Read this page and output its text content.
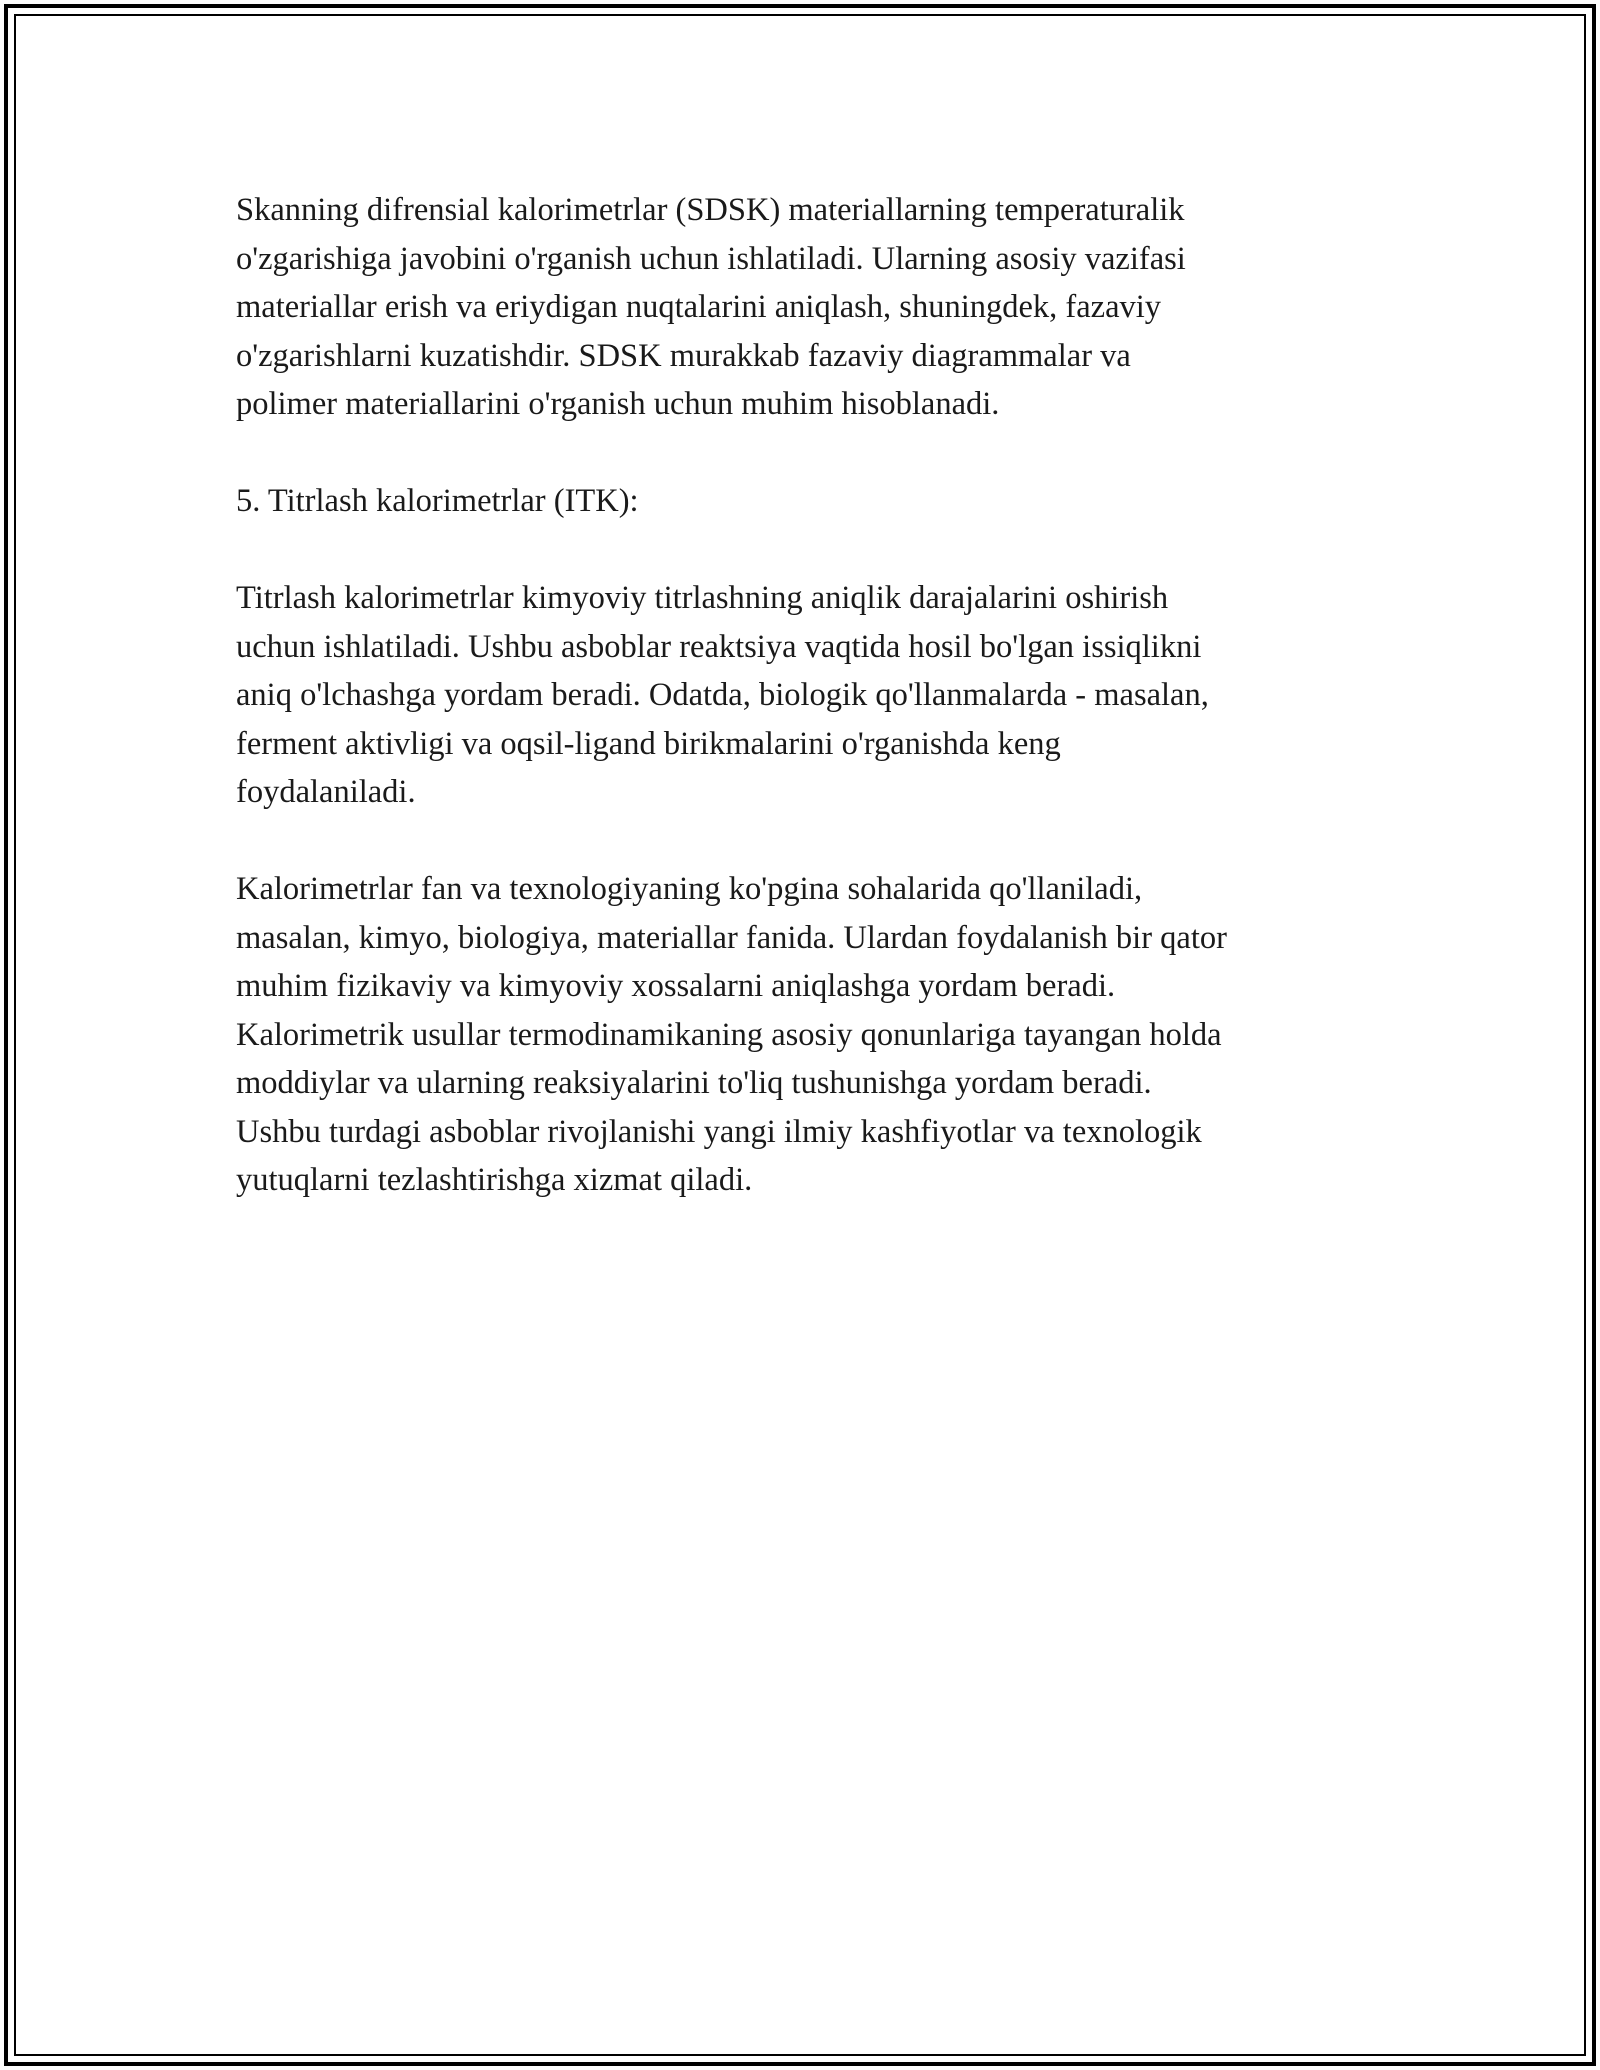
Skanning difrensial kalorimetrlar (SDSK) materiallarning temperaturalik
o'zgarishiga javobini o'rganish uchun ishlatiladi. Ularning asosiy vazifasi
materiallar erish va eriydigan nuqtalarini aniqlash, shuningdek, fazaviy
o'zgarishlarni kuzatishdir. SDSK murakkab fazaviy diagrammalar va
polimer materiallarini o'rganish uchun muhim hisoblanadi.

5. Titrlash kalorimetrlar (ITK):

Titrlash kalorimetrlar kimyoviy titrlashning aniqlik darajalarini oshirish
uchun ishlatiladi. Ushbu asboblar reaktsiya vaqtida hosil bo'lgan issiqlikni
aniq o'lchashga yordam beradi. Odatda, biologik qo'llanmalarda - masalan,
ferment aktivligi va oqsil-ligand birikmalarini o'rganishda keng
foydalaniladi.

Kalorimetrlar fan va texnologiyaning ko'pgina sohalarida qo'llaniladi,
masalan, kimyo, biologiya, materiallar fanida. Ulardan foydalanish bir qator
muhim fizikaviy va kimyoviy xossalarni aniqlashga yordam beradi.
Kalorimetrik usullar termodinamikaning asosiy qonunlariga tayangan holda
moddiylar va ularning reaksiyalarini to'liq tushunishga yordam beradi.
Ushbu turdagi asboblar rivojlanishi yangi ilmiy kashfiyotlar va texnologik
yutuqlarni tezlashtirishga xizmat qiladi.
